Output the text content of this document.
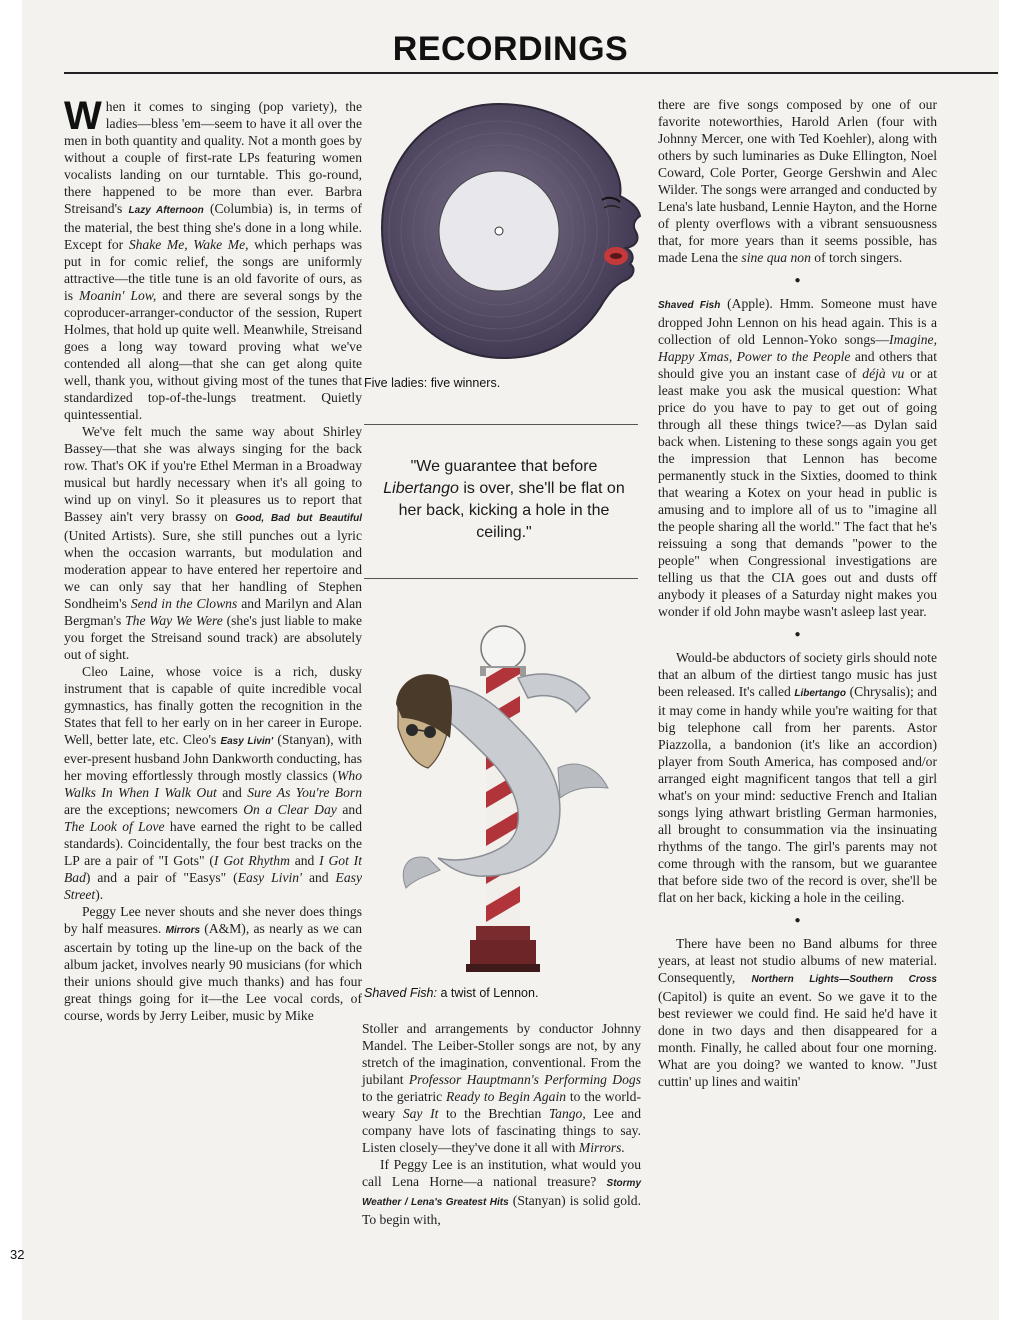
RECORDINGS

When it comes to singing (pop variety), the ladies—bless 'em—seem to have it all over the men in both quantity and quality. Not a month goes by without a couple of first-rate LPs featuring women vocalists landing on our turntable. This go-round, there happened to be more than ever. Barbra Streisand's Lazy Afternoon (Columbia) is, in terms of the material, the best thing she's done in a long while. Except for Shake Me, Wake Me, which perhaps was put in for comic relief, the songs are uniformly attractive—the title tune is an old favorite of ours, as is Moanin' Low, and there are several songs by the coproducer-arranger-conductor of the session, Rupert Holmes, that hold up quite well. Meanwhile, Streisand goes a long way toward proving what we've contended all along—that she can get along quite well, thank you, without giving most of the tunes that standardized top-of-the-lungs treatment. Quietly quintessential.

We've felt much the same way about Shirley Bassey—that she was always singing for the back row. That's OK if you're Ethel Merman in a Broadway musical but hardly necessary when it's all going to wind up on vinyl. So it pleasures us to report that Bassey ain't very brassy on Good, Bad but Beautiful (United Artists). Sure, she still punches out a lyric when the occasion warrants, but modulation and moderation appear to have entered her repertoire and we can only say that her handling of Stephen Sondheim's Send in the Clowns and Marilyn and Alan Bergman's The Way We Were (she's just liable to make you forget the Streisand sound track) are absolutely out of sight.

Cleo Laine, whose voice is a rich, dusky instrument that is capable of quite incredible vocal gymnastics, has finally gotten the recognition in the States that fell to her early on in her career in Europe. Well, better late, etc. Cleo's Easy Livin' (Stanyan), with ever-present husband John Dankworth conducting, has her moving effortlessly through mostly classics (Who Walks In When I Walk Out and Sure As You're Born are the exceptions; newcomers On a Clear Day and The Look of Love have earned the right to be called standards). Coincidentally, the four best tracks on the LP are a pair of "I Gots" (I Got Rhythm and I Got It Bad) and a pair of "Easys" (Easy Livin' and Easy Street).

Peggy Lee never shouts and she never does things by half measures. Mirrors (A&M), as nearly as we can ascertain by toting up the line-up on the back of the album jacket, involves nearly 90 musicians (for which their unions should give much thanks) and has four great things going for it—the Lee vocal cords, of course, words by Jerry Leiber, music by Mike

Five ladies: five winners.
"We guarantee that before Libertango is over, she'll be flat on her back, kicking a hole in the ceiling."
Shaved Fish: a twist of Lennon.

Stoller and arrangements by conductor Johnny Mandel. The Leiber-Stoller songs are not, by any stretch of the imagination, conventional. From the jubilant Professor Hauptmann's Performing Dogs to the geriatric Ready to Begin Again to the world-weary Say It to the Brechtian Tango, Lee and company have lots of fascinating things to say. Listen closely—they've done it all with Mirrors.

If Peggy Lee is an institution, what would you call Lena Horne—a national treasure? Stormy Weather / Lena's Greatest Hits (Stanyan) is solid gold. To begin with,

there are five songs composed by one of our favorite noteworthies, Harold Arlen (four with Johnny Mercer, one with Ted Koehler), along with others by such luminaries as Duke Ellington, Noel Coward, Cole Porter, George Gershwin and Alec Wilder. The songs were arranged and conducted by Lena's late husband, Lennie Hayton, and the Horne of plenty overflows with a vibrant sensuousness that, for more years than it seems possible, has made Lena the sine qua non of torch singers.

●

Shaved Fish (Apple). Hmm. Someone must have dropped John Lennon on his head again. This is a collection of old Lennon-Yoko songs—Imagine, Happy Xmas, Power to the People and others that should give you an instant case of déjà vu or at least make you ask the musical question: What price do you have to pay to get out of going through all these things twice?—as Dylan said back when. Listening to these songs again you get the impression that Lennon has become permanently stuck in the Sixties, doomed to think that wearing a Kotex on your head in public is amusing and to implore all of us to "imagine all the people sharing all the world." The fact that he's reissuing a song that demands "power to the people" when Congressional investigations are telling us that the CIA goes out and dusts off anybody it pleases of a Saturday night makes you wonder if old John maybe wasn't asleep last year.

●

Would-be abductors of society girls should note that an album of the dirtiest tango music has just been released. It's called Libertango (Chrysalis); and it may come in handy while you're waiting for that big telephone call from her parents. Astor Piazzolla, a bandonion (it's like an accordion) player from South America, has composed and/or arranged eight magnificent tangos that tell a girl what's on your mind: seductive French and Italian songs lying athwart bristling German harmonies, all brought to consummation via the insinuating rhythms of the tango. The girl's parents may not come through with the ransom, but we guarantee that before side two of the record is over, she'll be flat on her back, kicking a hole in the ceiling.

●

There have been no Band albums for three years, at least not studio albums of new material. Consequently, Northern Lights—Southern Cross (Capitol) is quite an event. So we gave it to the best reviewer we could find. He said he'd have it done in two days and then disappeared for a month. Finally, he called about four one morning. What are you doing? we wanted to know. "Just cuttin' up lines and waitin'

32
